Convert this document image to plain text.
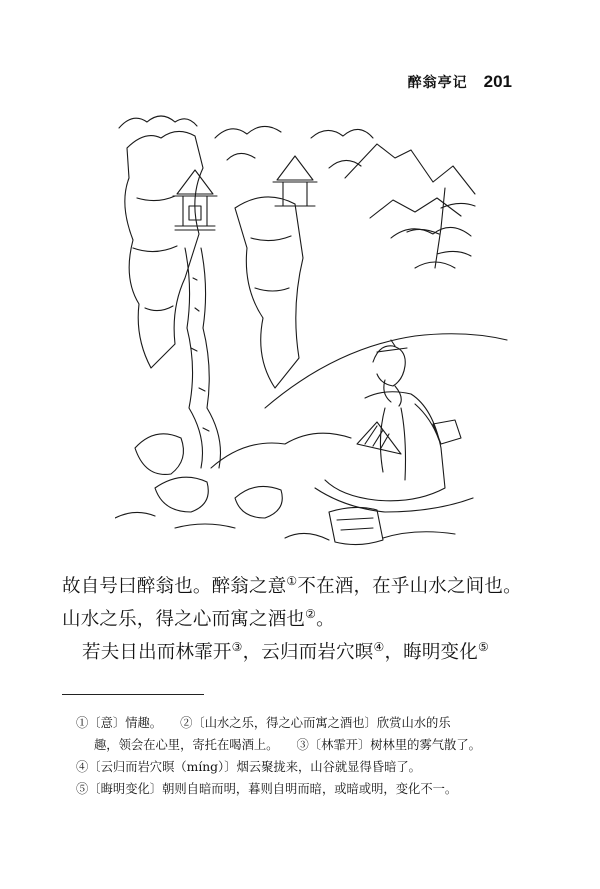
醉翁亭记 201

故自号曰醉翁也。醉翁之意①不在酒，在乎山水之间也。

山水之乐，得之心而寓之酒也②。

若夫日出而林霏开③，云归而岩穴暝④，晦明变化⑤

①〔意〕情趣。 ②〔山水之乐，得之心而寓之酒也〕欣赏山水的乐

趣，领会在心里，寄托在喝酒上。 ③〔林霏开〕树林里的雾气散了。

④〔云归而岩穴暝（míng）〕烟云聚拢来，山谷就显得昏暗了。

⑤〔晦明变化〕朝则自暗而明，暮则自明而暗，或暗或明，变化不一。
